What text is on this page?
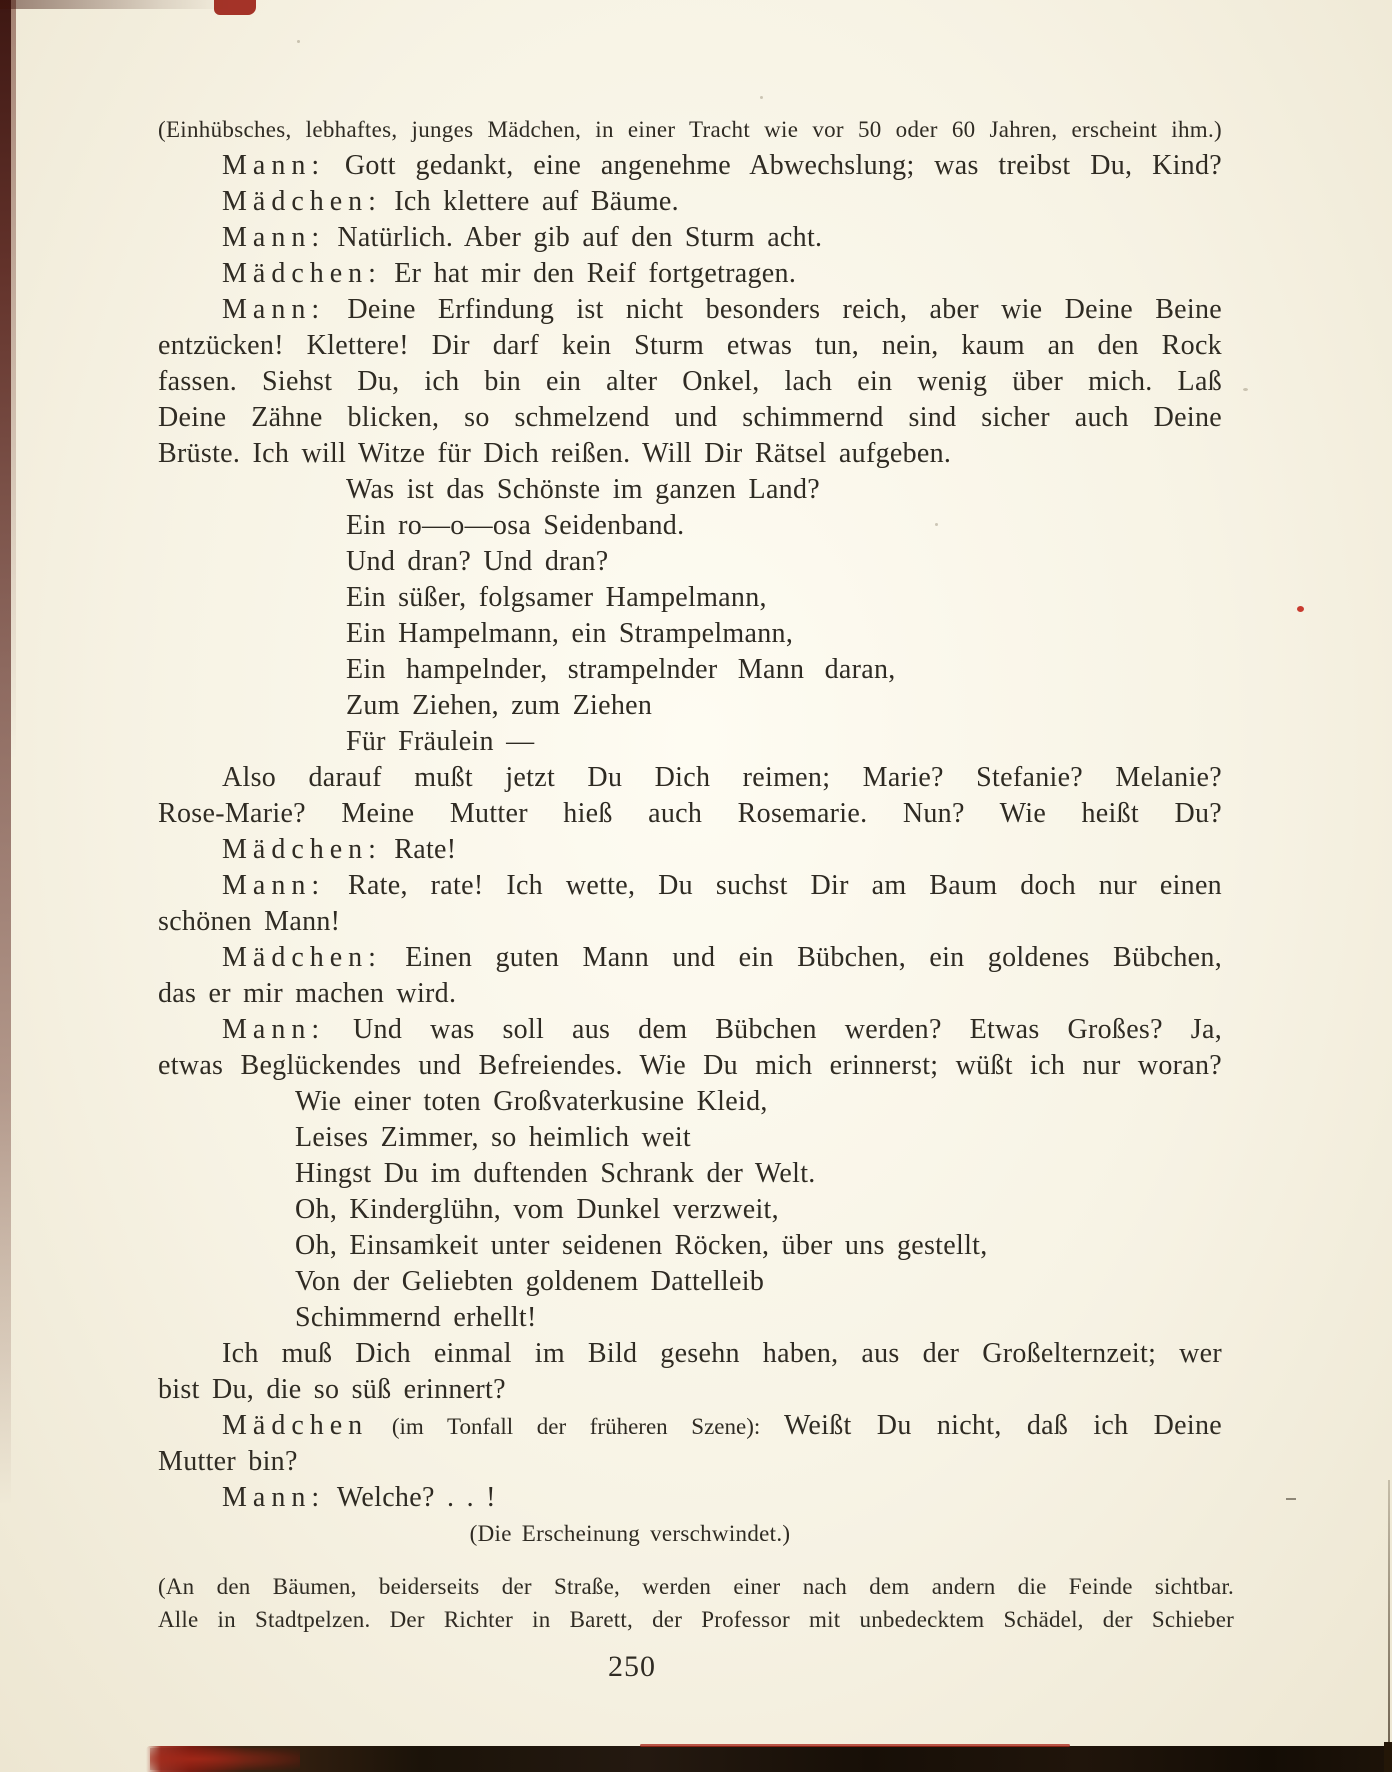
(Einhübsches, lebhaftes, junges Mädchen, in einer Tracht wie vor 50 oder 60 Jahren, erscheint ihm.)
Mann: Gott gedankt, eine angenehme Abwechslung; was treibst Du, Kind?
Mädchen: Ich klettere auf Bäume.
Mann: Natürlich. Aber gib auf den Sturm acht.
Mädchen: Er hat mir den Reif fortgetragen.
Mann: Deine Erfindung ist nicht besonders reich, aber wie Deine Beine
entzücken! Klettere! Dir darf kein Sturm etwas tun, nein, kaum an den Rock
fassen. Siehst Du, ich bin ein alter Onkel, lach ein wenig über mich. Laß
Deine Zähne blicken, so schmelzend und schimmernd sind sicher auch Deine
Brüste. Ich will Witze für Dich reißen. Will Dir Rätsel aufgeben.
Was ist das Schönste im ganzen Land?
Ein ro—o—osa Seidenband.
Und dran? Und dran?
Ein süßer, folgsamer Hampelmann,
Ein Hampelmann, ein Strampelmann,
Ein hampelnder, strampelnder Mann daran,
Zum Ziehen, zum Ziehen
Für Fräulein —
Also darauf mußt jetzt Du Dich reimen; Marie? Stefanie? Melanie?
Rose-Marie? Meine Mutter hieß auch Rosemarie. Nun? Wie heißt Du?
Mädchen: Rate!
Mann: Rate, rate! Ich wette, Du suchst Dir am Baum doch nur einen
schönen Mann!
Mädchen: Einen guten Mann und ein Bübchen, ein goldenes Bübchen,
das er mir machen wird.
Mann: Und was soll aus dem Bübchen werden? Etwas Großes? Ja,
etwas Beglückendes und Befreiendes. Wie Du mich erinnerst; wüßt ich nur woran?
Wie einer toten Großvaterkusine Kleid,
Leises Zimmer, so heimlich weit
Hingst Du im duftenden Schrank der Welt.
Oh, Kinderglühn, vom Dunkel verzweit,
Oh, Einsamkeit unter seidenen Röcken, über uns gestellt,
Von der Geliebten goldenem Dattelleib
Schimmernd erhellt!
Ich muß Dich einmal im Bild gesehn haben, aus der Großelternzeit; wer
bist Du, die so süß erinnert?
Mädchen (im Tonfall der früheren Szene): Weißt Du nicht, daß ich Deine
Mutter bin?
Mann: Welche? . . !
(Die Erscheinung verschwindet.)
(An den Bäumen, beiderseits der Straße, werden einer nach dem andern die Feinde sichtbar.
Alle in Stadtpelzen. Der Richter in Barett, der Professor mit unbedecktem Schädel, der Schieber
250
